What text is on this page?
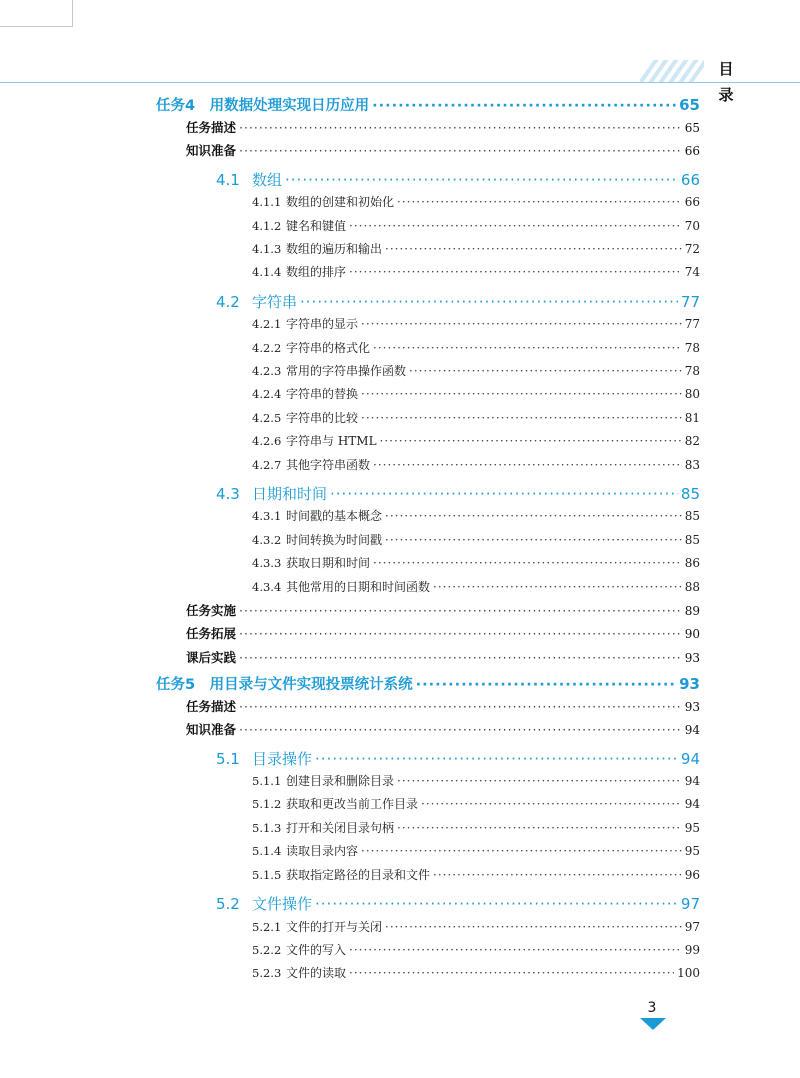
目 录
任务4　用数据处理实现日历应用 ·····	65
任务描述 ·····	65
知识准备 ·····	66
4.1 数组 ·····	66
4.1.1 数组的创建和初始化 ·····	66
4.1.2 键名和键值 ·····	70
4.1.3 数组的遍历和输出 ·····	72
4.1.4 数组的排序 ·····	74
4.2 字符串 ·····	77
4.2.1 字符串的显示 ·····	77
4.2.2 字符串的格式化 ·····	78
4.2.3 常用的字符串操作函数 ·····	78
4.2.4 字符串的替换 ·····	80
4.2.5 字符串的比较 ·····	81
4.2.6 字符串与 HTML ·····	82
4.2.7 其他字符串函数 ·····	83
4.3 日期和时间 ·····	85
4.3.1 时间戳的基本概念 ·····	85
4.3.2 时间转换为时间戳 ·····	85
4.3.3 获取日期和时间 ·····	86
4.3.4 其他常用的日期和时间函数 ·····	88
任务实施 ·····	89
任务拓展 ·····	90
课后实践 ·····	93
任务5　用目录与文件实现投票统计系统 ·····	93
任务描述 ·····	93
知识准备 ·····	94
5.1 目录操作 ·····	94
5.1.1 创建目录和删除目录 ·····	94
5.1.2 获取和更改当前工作目录 ·····	94
5.1.3 打开和关闭目录句柄 ·····	95
5.1.4 读取目录内容 ·····	95
5.1.5 获取指定路径的目录和文件 ·····	96
5.2 文件操作 ·····	97
5.2.1 文件的打开与关闭 ·····	97
5.2.2 文件的写入 ·····	99
5.2.3 文件的读取 ·····	100
3
